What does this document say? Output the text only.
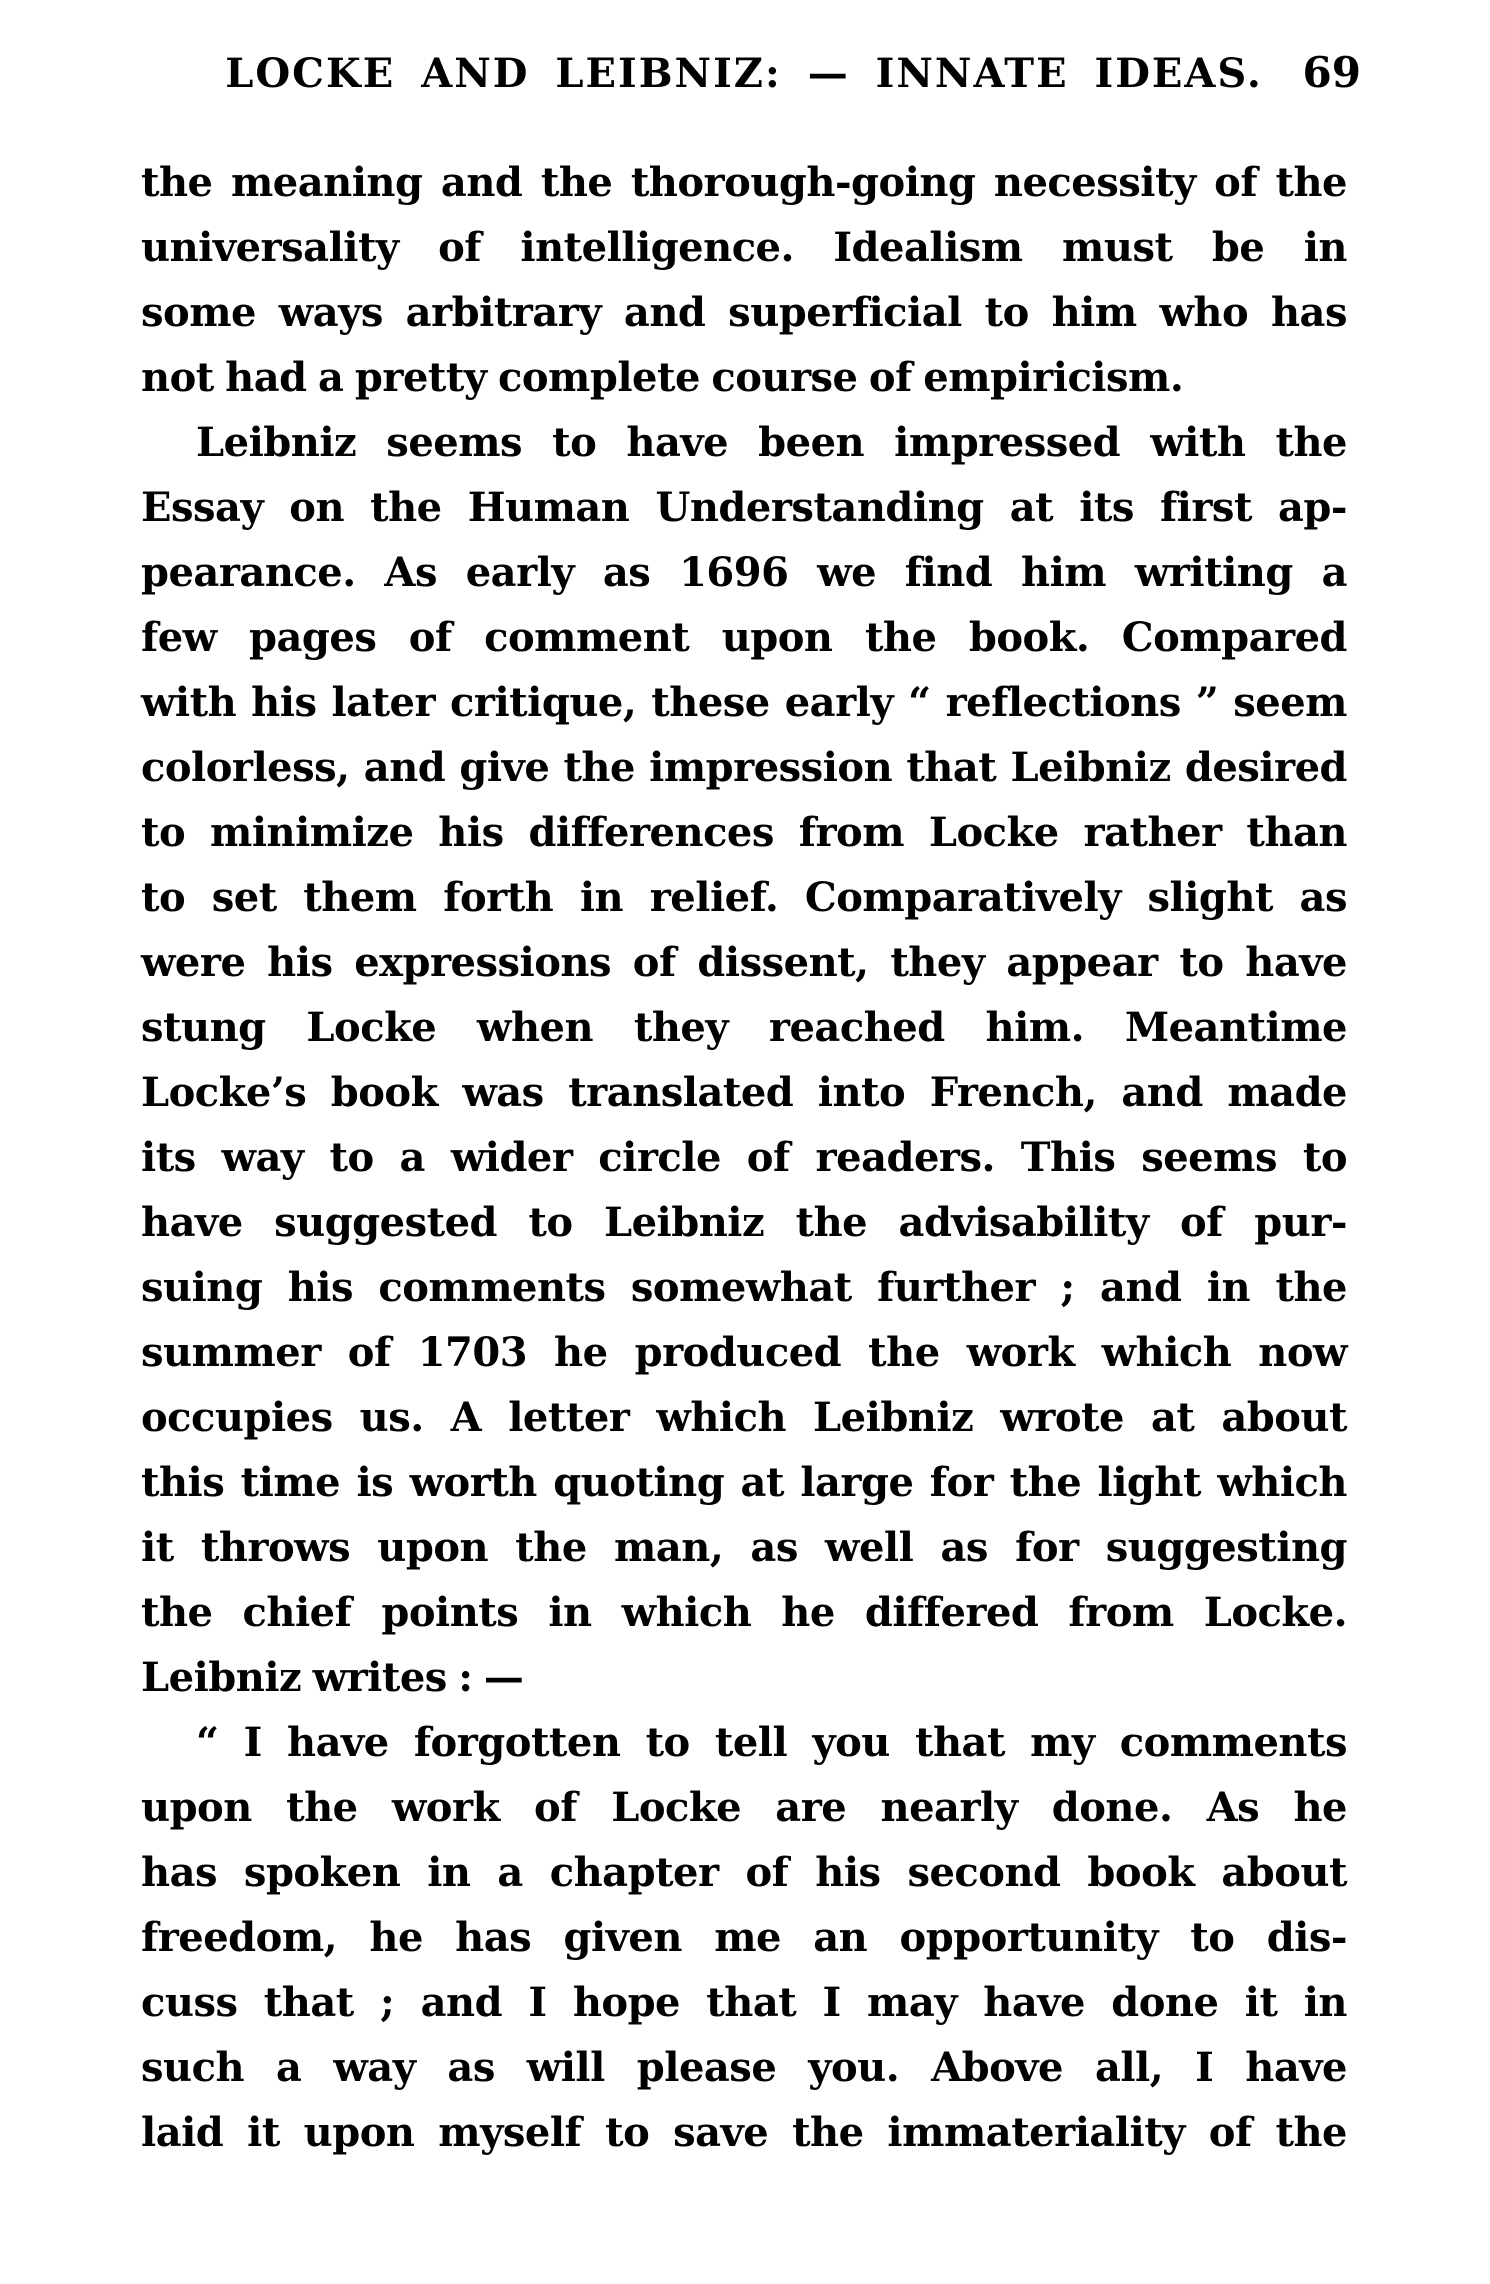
LOCKE AND LEIBNIZ: — INNATE IDEAS. 69
the meaning and the thorough-going necessity of the
universality of intelligence. Idealism must be in
some ways arbitrary and superficial to him who has
not had a pretty complete course of empiricism.
Leibniz seems to have been impressed with the
Essay on the Human Understanding at its first ap-
pearance. As early as 1696 we find him writing a
few pages of comment upon the book. Compared
with his later critique, these early “ reflections ” seem
colorless, and give the impression that Leibniz desired
to minimize his differences from Locke rather than
to set them forth in relief. Comparatively slight as
were his expressions of dissent, they appear to have
stung Locke when they reached him. Meantime
Locke’s book was translated into French, and made
its way to a wider circle of readers. This seems to
have suggested to Leibniz the advisability of pur-
suing his comments somewhat further ; and in the
summer of 1703 he produced the work which now
occupies us. A letter which Leibniz wrote at about
this time is worth quoting at large for the light which
it throws upon the man, as well as for suggesting
the chief points in which he differed from Locke.
Leibniz writes : —
“ I have forgotten to tell you that my comments
upon the work of Locke are nearly done. As he
has spoken in a chapter of his second book about
freedom, he has given me an opportunity to dis-
cuss that ; and I hope that I may have done it in
such a way as will please you. Above all, I have
laid it upon myself to save the immateriality of the
